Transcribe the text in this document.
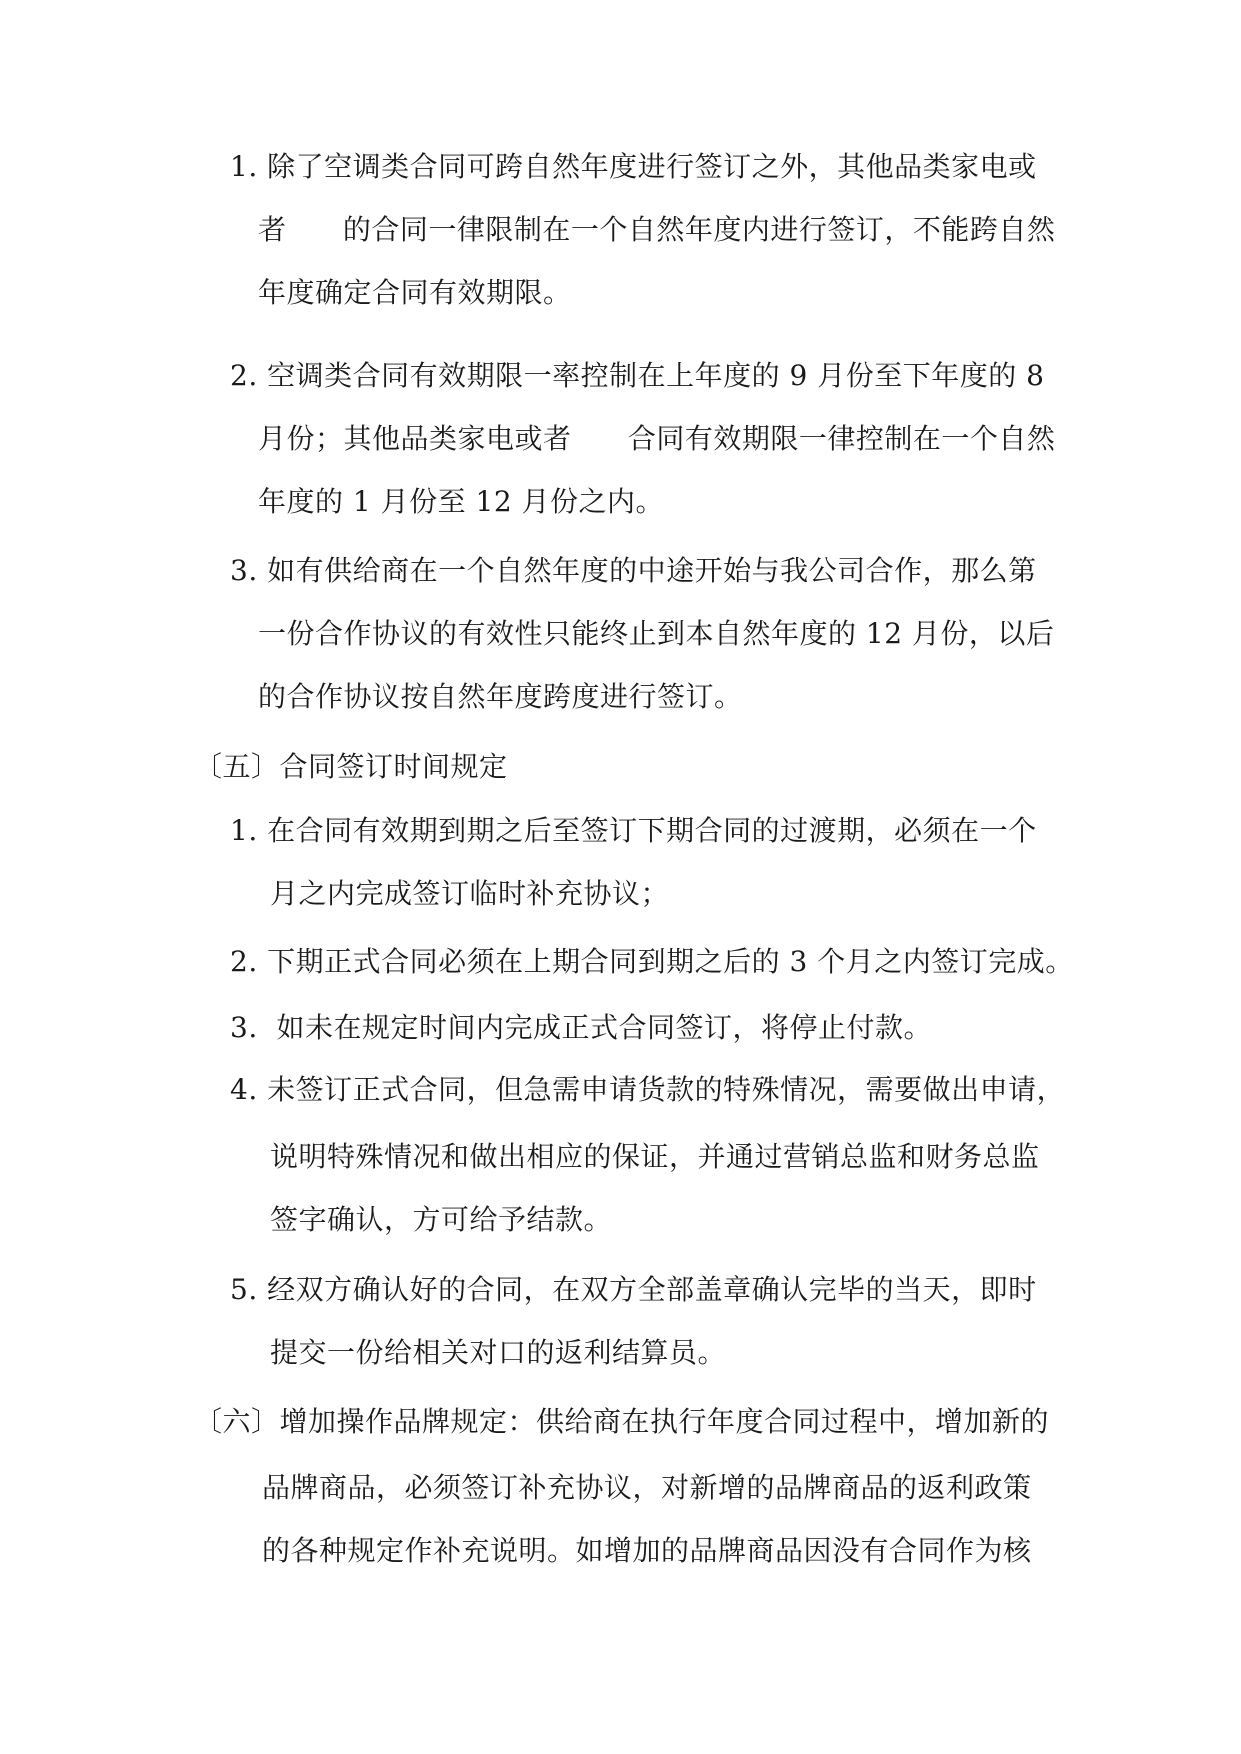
1. 除了空调类合同可跨自然年度进行签订之外，其他品类家电或
者      的合同一律限制在一个自然年度内进行签订，不能跨自然
年度确定合同有效期限。
2. 空调类合同有效期限一率控制在上年度的 9 月份至下年度的 8
月份；其他品类家电或者      合同有效期限一律控制在一个自然
年度的 1 月份至 12 月份之内。
3. 如有供给商在一个自然年度的中途开始与我公司合作，那么第
一份合作协议的有效性只能终止到本自然年度的 12 月份，以后
的合作协议按自然年度跨度进行签订。
〔五〕合同签订时间规定
1. 在合同有效期到期之后至签订下期合同的过渡期，必须在一个
月之内完成签订临时补充协议；
2. 下期正式合同必须在上期合同到期之后的 3 个月之内签订完成。
3.  如未在规定时间内完成正式合同签订，将停止付款。
4. 未签订正式合同，但急需申请货款的特殊情况，需要做出申请，
说明特殊情况和做出相应的保证，并通过营销总监和财务总监
签字确认，方可给予结款。
5. 经双方确认好的合同，在双方全部盖章确认完毕的当天，即时
提交一份给相关对口的返利结算员。
〔六〕增加操作品牌规定：供给商在执行年度合同过程中，增加新的
品牌商品，必须签订补充协议，对新增的品牌商品的返利政策
的各种规定作补充说明。如增加的品牌商品因没有合同作为核
